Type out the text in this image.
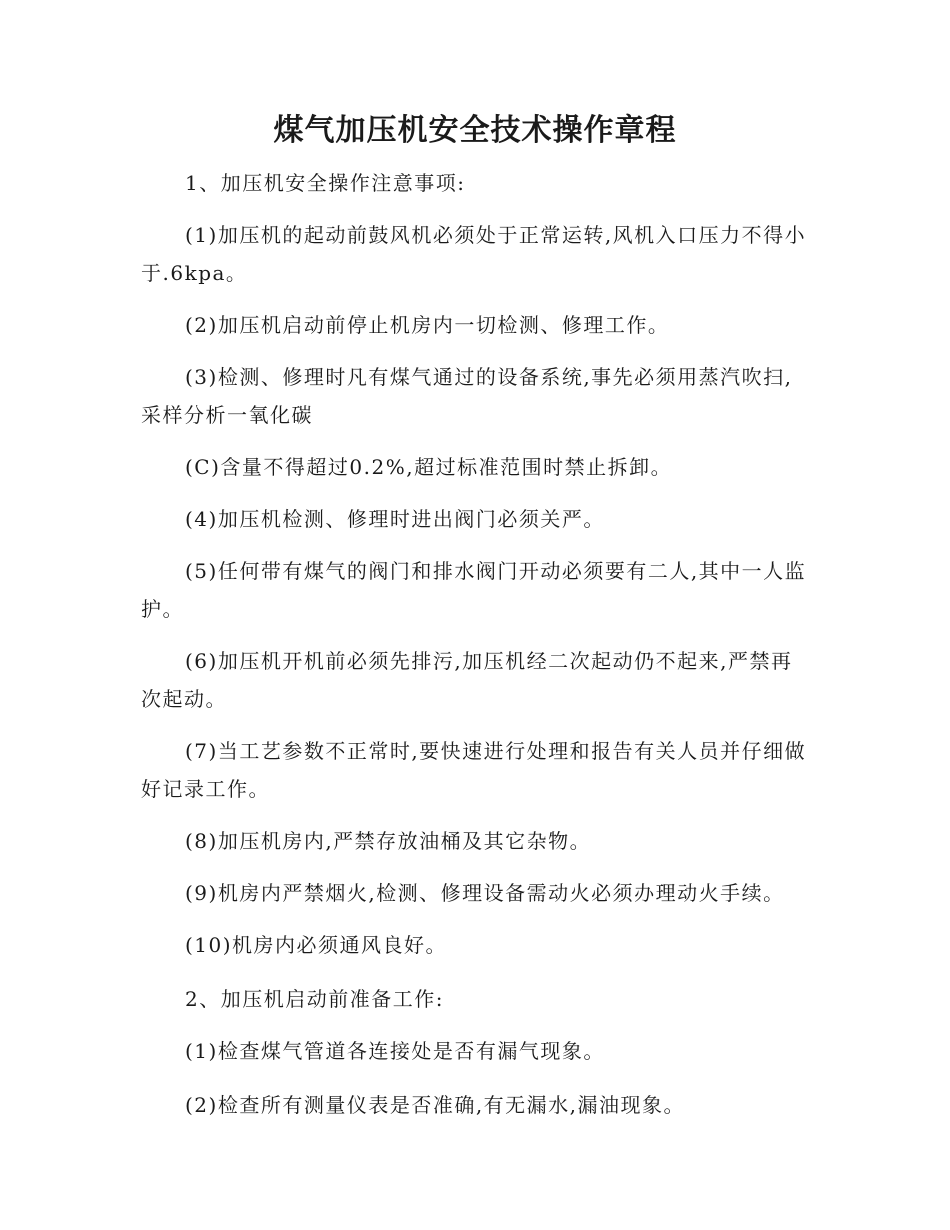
煤气加压机安全技术操作章程

1、加压机安全操作注意事项:

(1)加压机的起动前鼓风机必须处于正常运转,风机入口压力不得小于.6kpa。

(2)加压机启动前停止机房内一切检测、修理工作。

(3)检测、修理时凡有煤气通过的设备系统,事先必须用蒸汽吹扫,采样分析一氧化碳

(C)含量不得超过0.2%,超过标准范围时禁止拆卸。

(4)加压机检测、修理时进出阀门必须关严。

(5)任何带有煤气的阀门和排水阀门开动必须要有二人,其中一人监护。

(6)加压机开机前必须先排污,加压机经二次起动仍不起来,严禁再次起动。

(7)当工艺参数不正常时,要快速进行处理和报告有关人员并仔细做好记录工作。

(8)加压机房内,严禁存放油桶及其它杂物。

(9)机房内严禁烟火,检测、修理设备需动火必须办理动火手续。

(10)机房内必须通风良好。

2、加压机启动前准备工作:

(1)检查煤气管道各连接处是否有漏气现象。

(2)检查所有测量仪表是否准确,有无漏水,漏油现象。
